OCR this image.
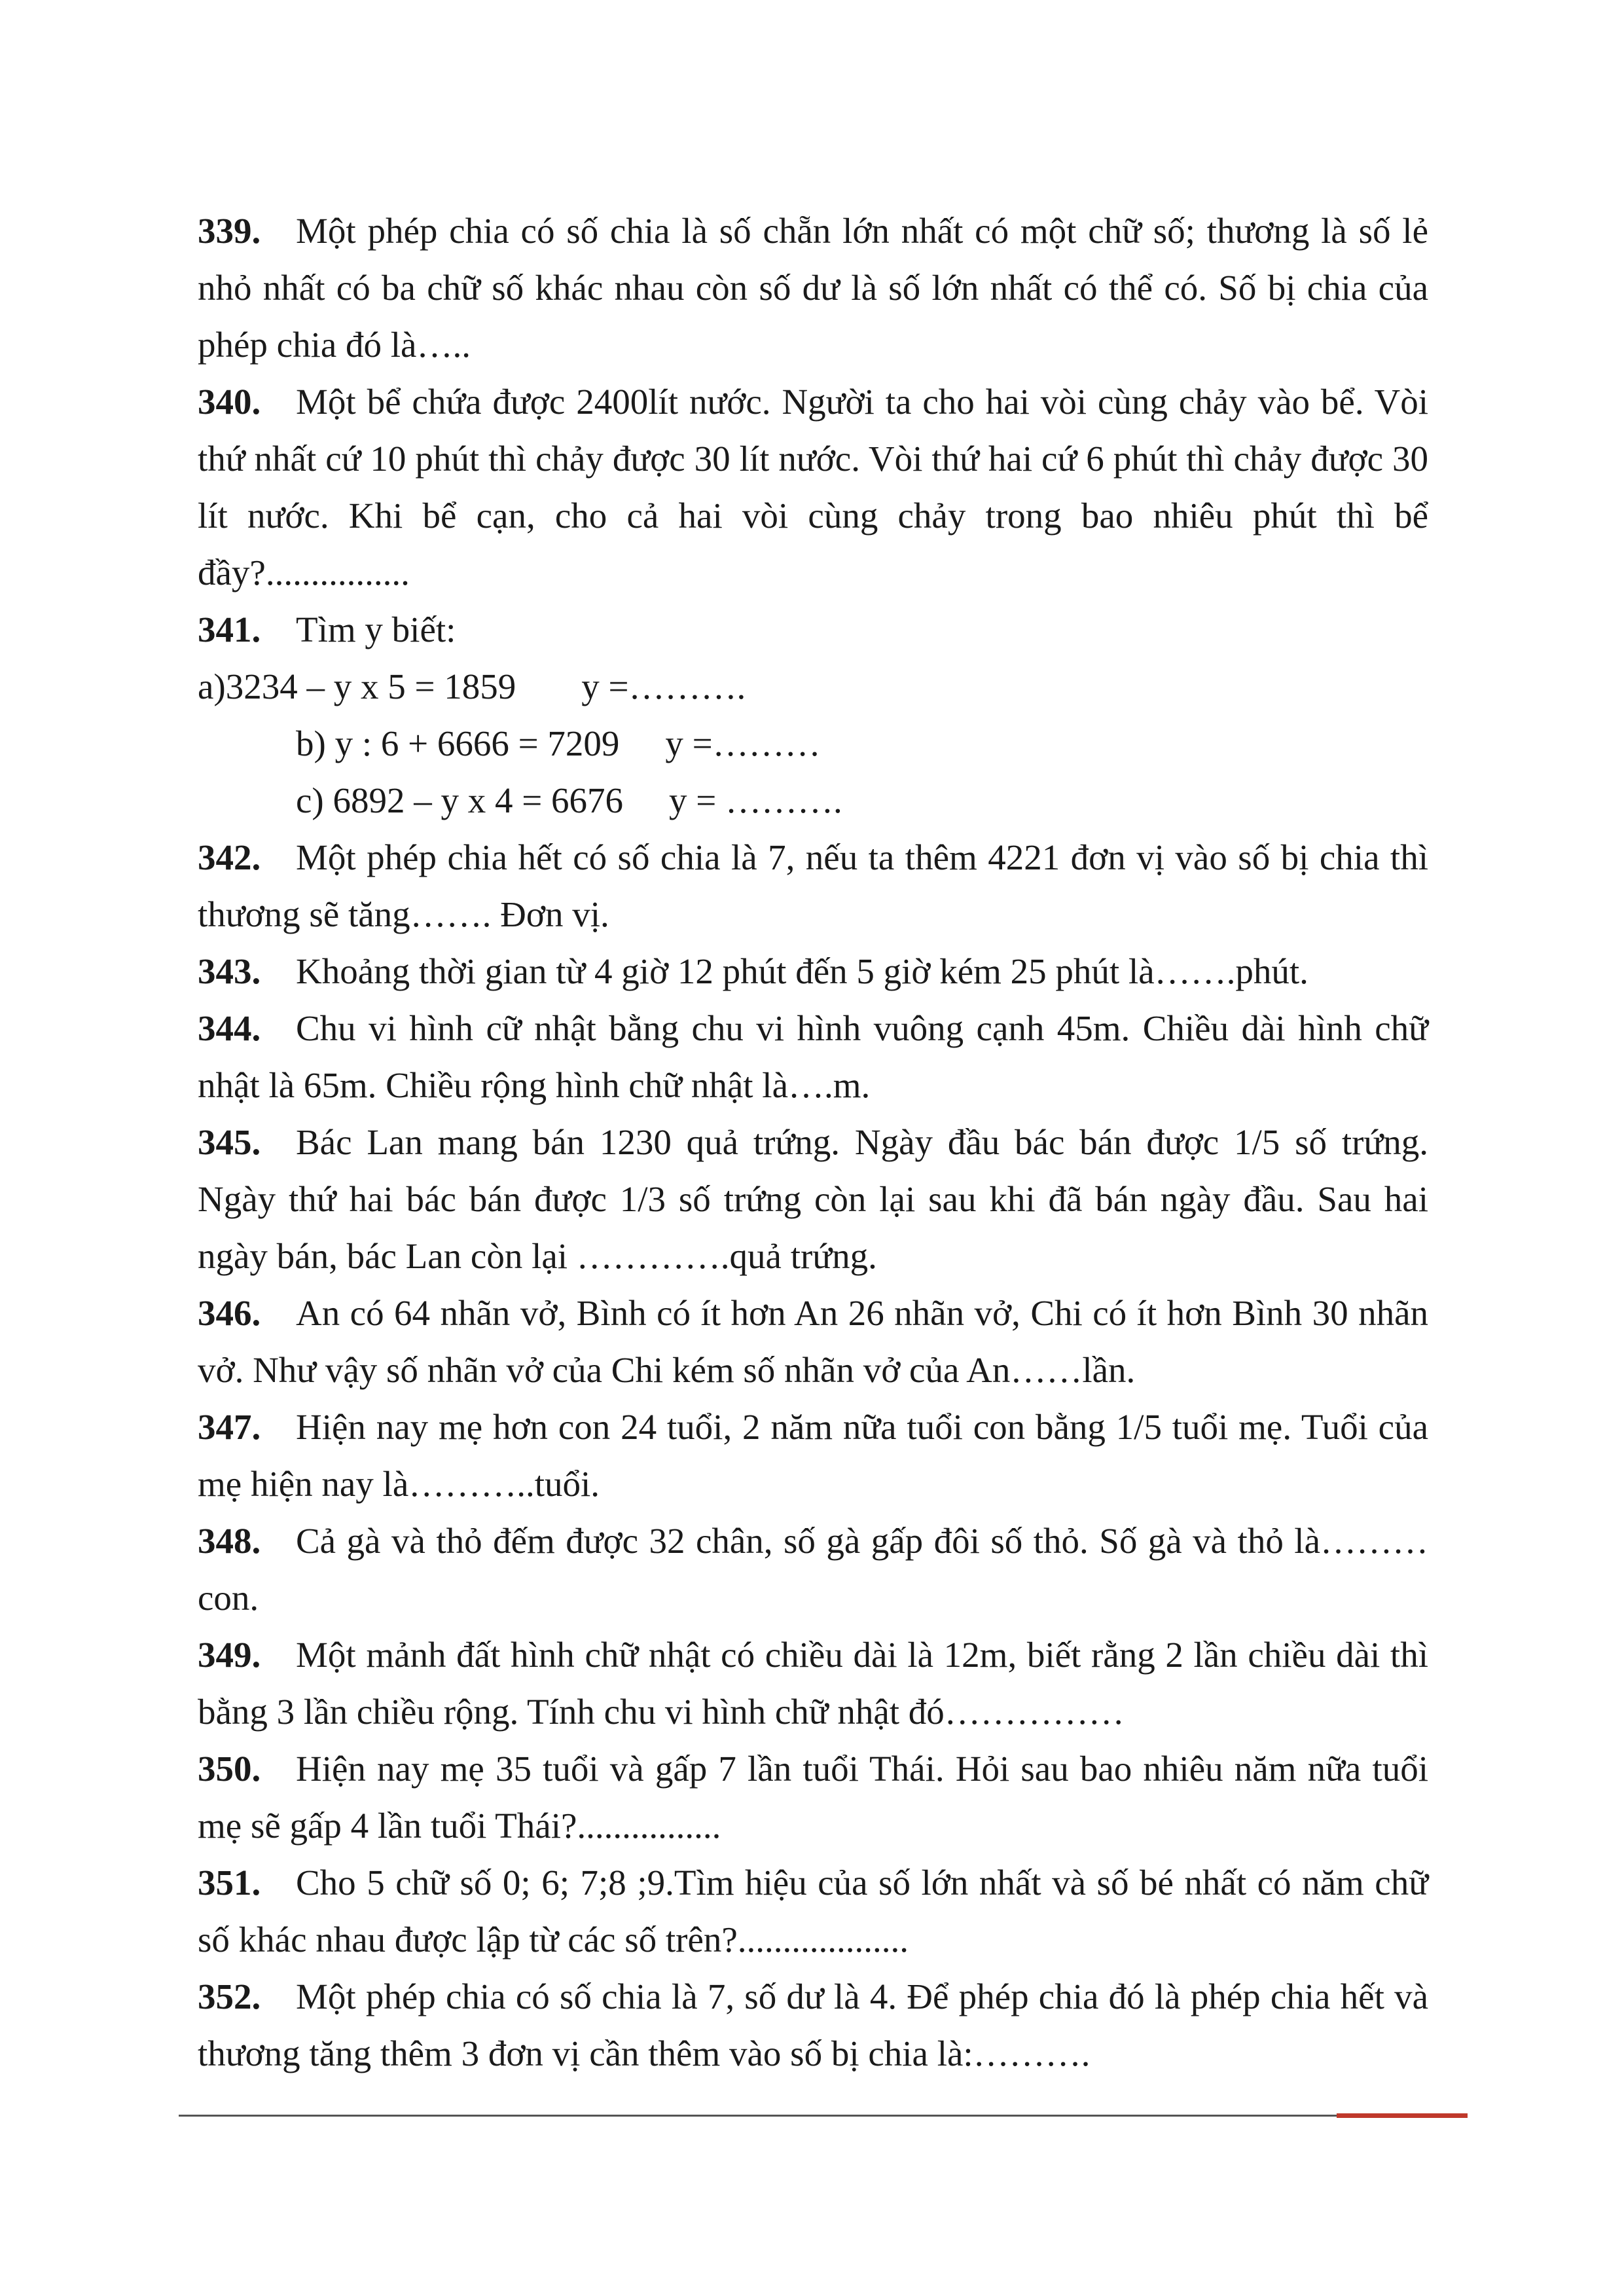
339. Một phép chia có số chia là số chẵn lớn nhất có một chữ số; thương là số lẻ nhỏ nhất có ba chữ số khác nhau còn số dư là số lớn nhất có thể có. Số bị chia của phép chia đó là…..

340. Một bể chứa được 2400lít nước. Người ta cho hai vòi cùng chảy vào bể. Vòi thứ nhất cứ 10 phút thì chảy được 30 lít nước. Vòi thứ hai cứ 6 phút thì chảy được 30 lít nước. Khi bể cạn, cho cả hai vòi cùng chảy trong bao nhiêu phút thì bể đầy?................

341. Tìm y biết:

a)3234 – y x 5 = 1859 y =……….

b) y : 6 + 6666 = 7209 y =………

c) 6892 – y x 4 = 6676 y = ……….

342. Một phép chia hết có số chia là 7, nếu ta thêm 4221 đơn vị vào số bị chia thì thương sẽ tăng……. Đơn vị.

343. Khoảng thời gian từ 4 giờ 12 phút đến 5 giờ kém 25 phút là…….phút.

344. Chu vi hình cữ nhật bằng chu vi hình vuông cạnh 45m. Chiều dài hình chữ nhật là 65m. Chiều rộng hình chữ nhật là….m.

345. Bác Lan mang bán 1230 quả trứng. Ngày đầu bác bán được 1/5 số trứng. Ngày thứ hai bác bán được 1/3 số trứng còn lại sau khi đã bán ngày đầu. Sau hai ngày bán, bác Lan còn lại ………….quả trứng.

346. An có 64 nhãn vở, Bình có ít hơn An 26 nhãn vở, Chi có ít hơn Bình 30 nhãn vở. Như vậy số nhãn vở của Chi kém số nhãn vở của An……lần.

347. Hiện nay mẹ hơn con 24 tuổi, 2 năm nữa tuổi con bằng 1/5 tuổi mẹ. Tuổi của mẹ hiện nay là………..tuổi.

348. Cả gà và thỏ đếm được 32 chân, số gà gấp đôi số thỏ. Số gà và thỏ là………con.

349. Một mảnh đất hình chữ nhật có chiều dài là 12m, biết rằng 2 lần chiều dài thì bằng 3 lần chiều rộng. Tính chu vi hình chữ nhật đó……………

350. Hiện nay mẹ 35 tuổi và gấp 7 lần tuổi Thái. Hỏi sau bao nhiêu năm nữa tuổi mẹ sẽ gấp 4 lần tuổi Thái?................

351. Cho 5 chữ số 0; 6; 7;8 ;9.Tìm hiệu của số lớn nhất và số bé nhất có năm chữ số khác nhau được lập từ các số trên?...................

352. Một phép chia có số chia là 7, số dư là 4. Để phép chia đó là phép chia hết và thương tăng thêm 3 đơn vị cần thêm vào số bị chia là:……….
